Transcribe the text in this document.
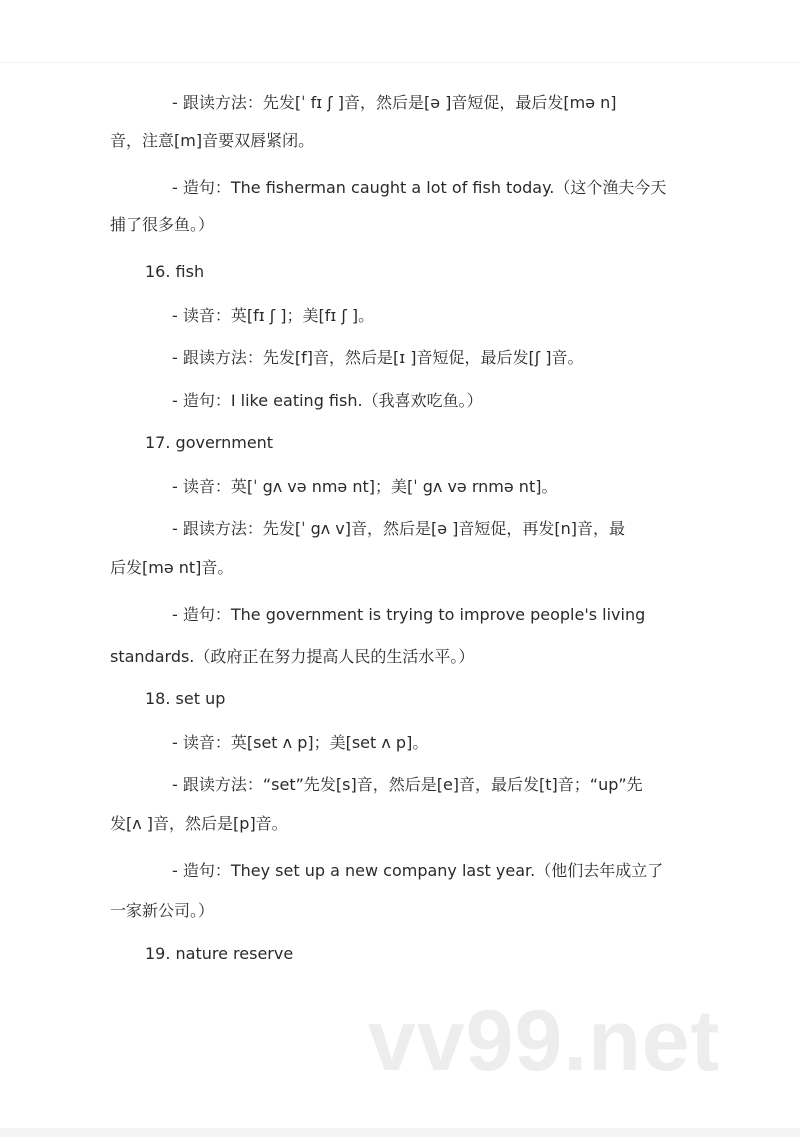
- 跟读方法：先发[ˈ fɪ ʃ ]音，然后是[ə ]音短促，最后发[mə n]
音，注意[m]音要双唇紧闭。
- 造句：The fisherman caught a lot of fish today.（这个渔夫今天
捕了很多鱼。）
16. fish
- 读音：英[fɪ ʃ ]；美[fɪ ʃ ]。
- 跟读方法：先发[f]音，然后是[ɪ ]音短促，最后发[ʃ ]音。
- 造句：I like eating fish.（我喜欢吃鱼。）
17. government
- 读音：英[ˈ gʌ və nmə nt]；美[ˈ gʌ və rnmə nt]。
- 跟读方法：先发[ˈ gʌ v]音，然后是[ə ]音短促，再发[n]音，最
后发[mə nt]音。
- 造句：The government is trying to improve people's living
standards.（政府正在努力提高人民的生活水平。）
18. set up
- 读音：英[set ʌ p]；美[set ʌ p]。
- 跟读方法：“set”先发[s]音，然后是[e]音，最后发[t]音；“up”先
发[ʌ ]音，然后是[p]音。
- 造句：They set up a new company last year.（他们去年成立了
一家新公司。）
19. nature reserve
vv99.net
